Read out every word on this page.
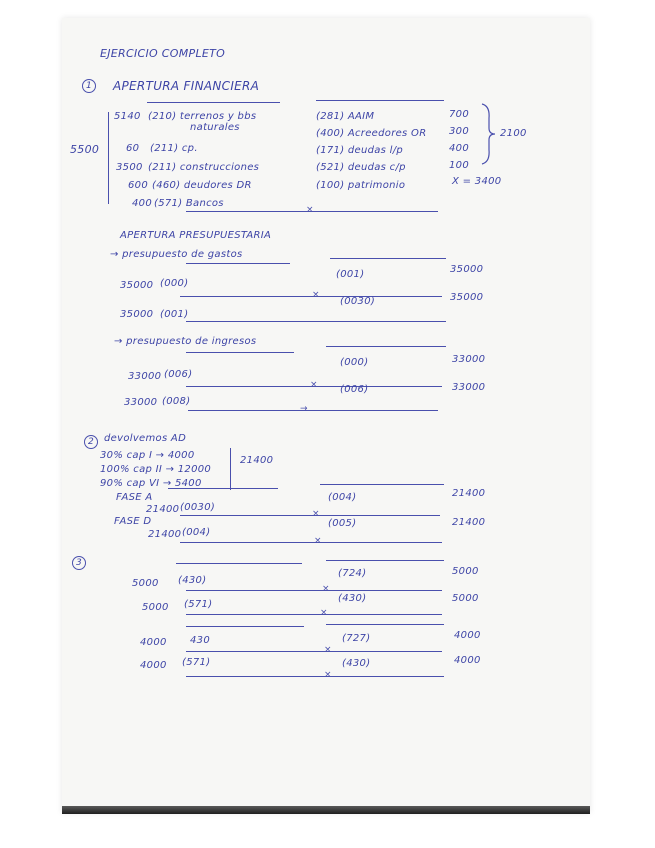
EJERCICIO COMPLETO
1	APERTURA FINANCIERA
5500
5140 (210) terrenos y bbs
naturales
60 (211) cp.
3500 (211) construcciones
600 (460) deudores DR
400 (571) Bancos
(281) AAIM	700
(400) Acreedores OR 300
(171) deudas l/p	400
(521) deudas c/p	100
(100) patrimonio	X = 3400
2100
×
APERTURA PRESUPUESTARIA
→ presupuesto de gastos
35000 (000)
(001)	35000
×
35000 (001)
(0030)	35000
→ presupuesto de ingresos
33000 (006)
(000)	33000
×
33000 (008)
(006)	33000
→
2 devolvemos AD
30% cap I → 4000
100% cap II → 12000
90% cap VI → 5400
21400
FASE A
21400 (0030)
(004)	21400
×
FASE D
21400 (004)
(005)	21400
×
3
5000 (430)
(724)	5000
×
5000 (571)
(430)	5000
×
4000 430	(727)	4000
×
4000 (571)	(430)	4000
×
